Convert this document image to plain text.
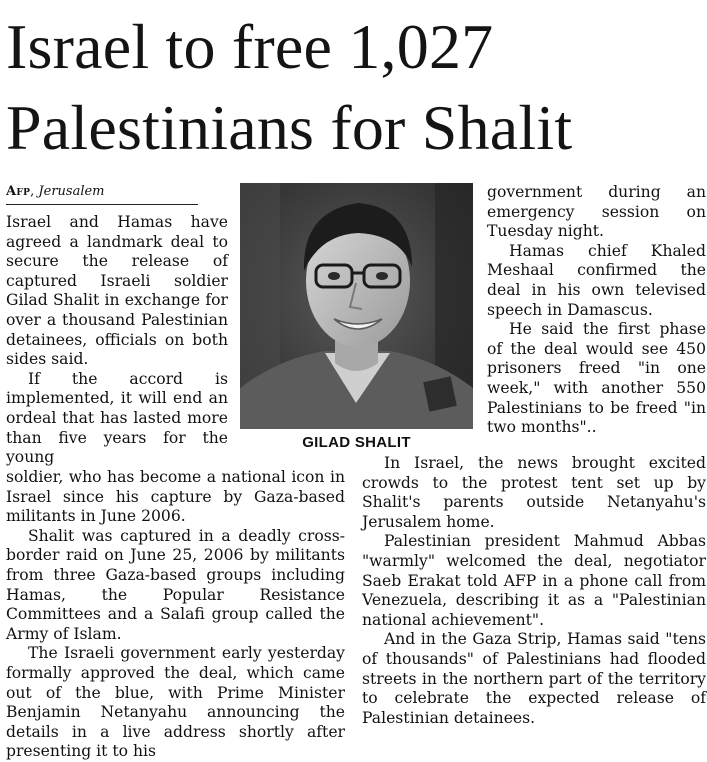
Israel to free 1,027 Palestinians for Shalit
Afp, Jerusalem

Israel and Hamas have agreed a landmark deal to secure the release of captured Israeli soldier Gilad Shalit in exchange for over a thousand Palestinian detainees, officials on both sides said.

If the accord is implemented, it will end an ordeal that has lasted more than five years for the young

GILAD SHALIT

soldier, who has become a national icon in Israel since his capture by Gaza-based militants in June 2006.

Shalit was captured in a deadly cross-border raid on June 25, 2006 by militants from three Gaza-based groups including Hamas, the Popular Resistance Committees and a Salafi group called the Army of Islam.

The Israeli government early yesterday formally approved the deal, which came out of the blue, with Prime Minister Benjamin Netanyahu announcing the details in a live address shortly after presenting it to his

government during an emergency session on Tuesday night.

Hamas chief Khaled Meshaal confirmed the deal in his own televised speech in Damascus.

He said the first phase of the deal would see 450 prisoners freed "in one week," with another 550 Palestinians to be freed "in two months"..

In Israel, the news brought excited crowds to the protest tent set up by Shalit's parents outside Netanyahu's Jerusalem home.

Palestinian president Mahmud Abbas "warmly" welcomed the deal, negotiator Saeb Erakat told AFP in a phone call from Venezuela, describing it as a "Palestinian national achievement".

And in the Gaza Strip, Hamas said "tens of thousands" of Palestinians had flooded streets in the northern part of the territory to celebrate the expected release of Palestinian detainees.
